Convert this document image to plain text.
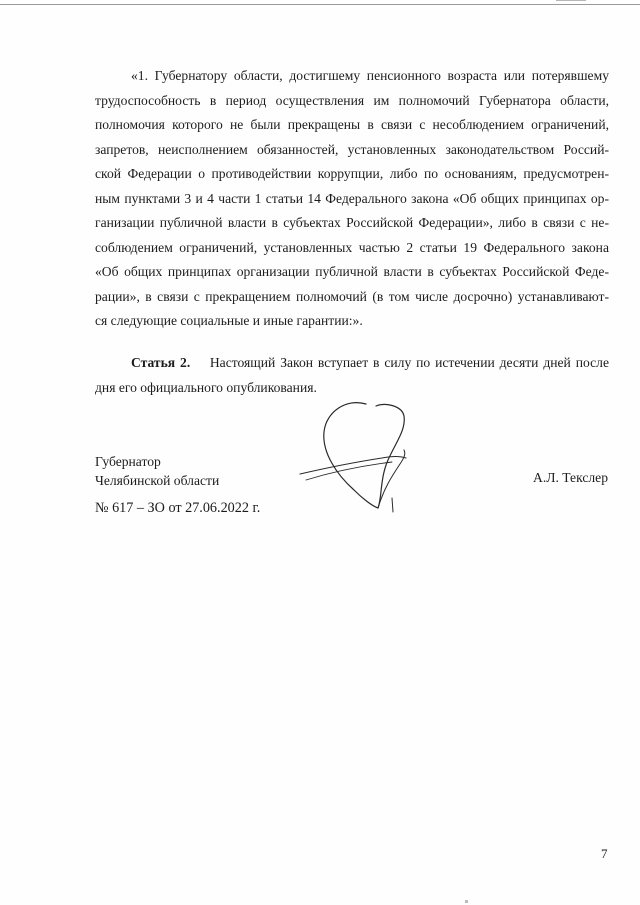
«1. Губернатору области, достигшему пенсионного возраста или потерявшему
трудоспособность в период осуществления им полномочий Губернатора области,
полномочия которого не были прекращены в связи с несоблюдением ограничений,
запретов, неисполнением обязанностей, установленных законодательством Россий-
ской Федерации о противодействии коррупции, либо по основаниям, предусмотрен-
ным пунктами 3 и 4 части 1 статьи 14 Федерального закона «Об общих принципах ор-
ганизации публичной власти в субъектах Российской Федерации», либо в связи с не-
соблюдением ограничений, установленных частью 2 статьи 19 Федерального закона
«Об общих принципах организации публичной власти в субъектах Российской Феде-
рации», в связи с прекращением полномочий (в том числе досрочно) устанавливают-
ся следующие социальные и иные гарантии:».
Статья 2. Настоящий Закон вступает в силу по истечении десяти дней после
дня его официального опубликования.
Губернатор
Челябинской области	А.Л. Текслер
№ 617 – ЗО от 27.06.2022 г.
7
